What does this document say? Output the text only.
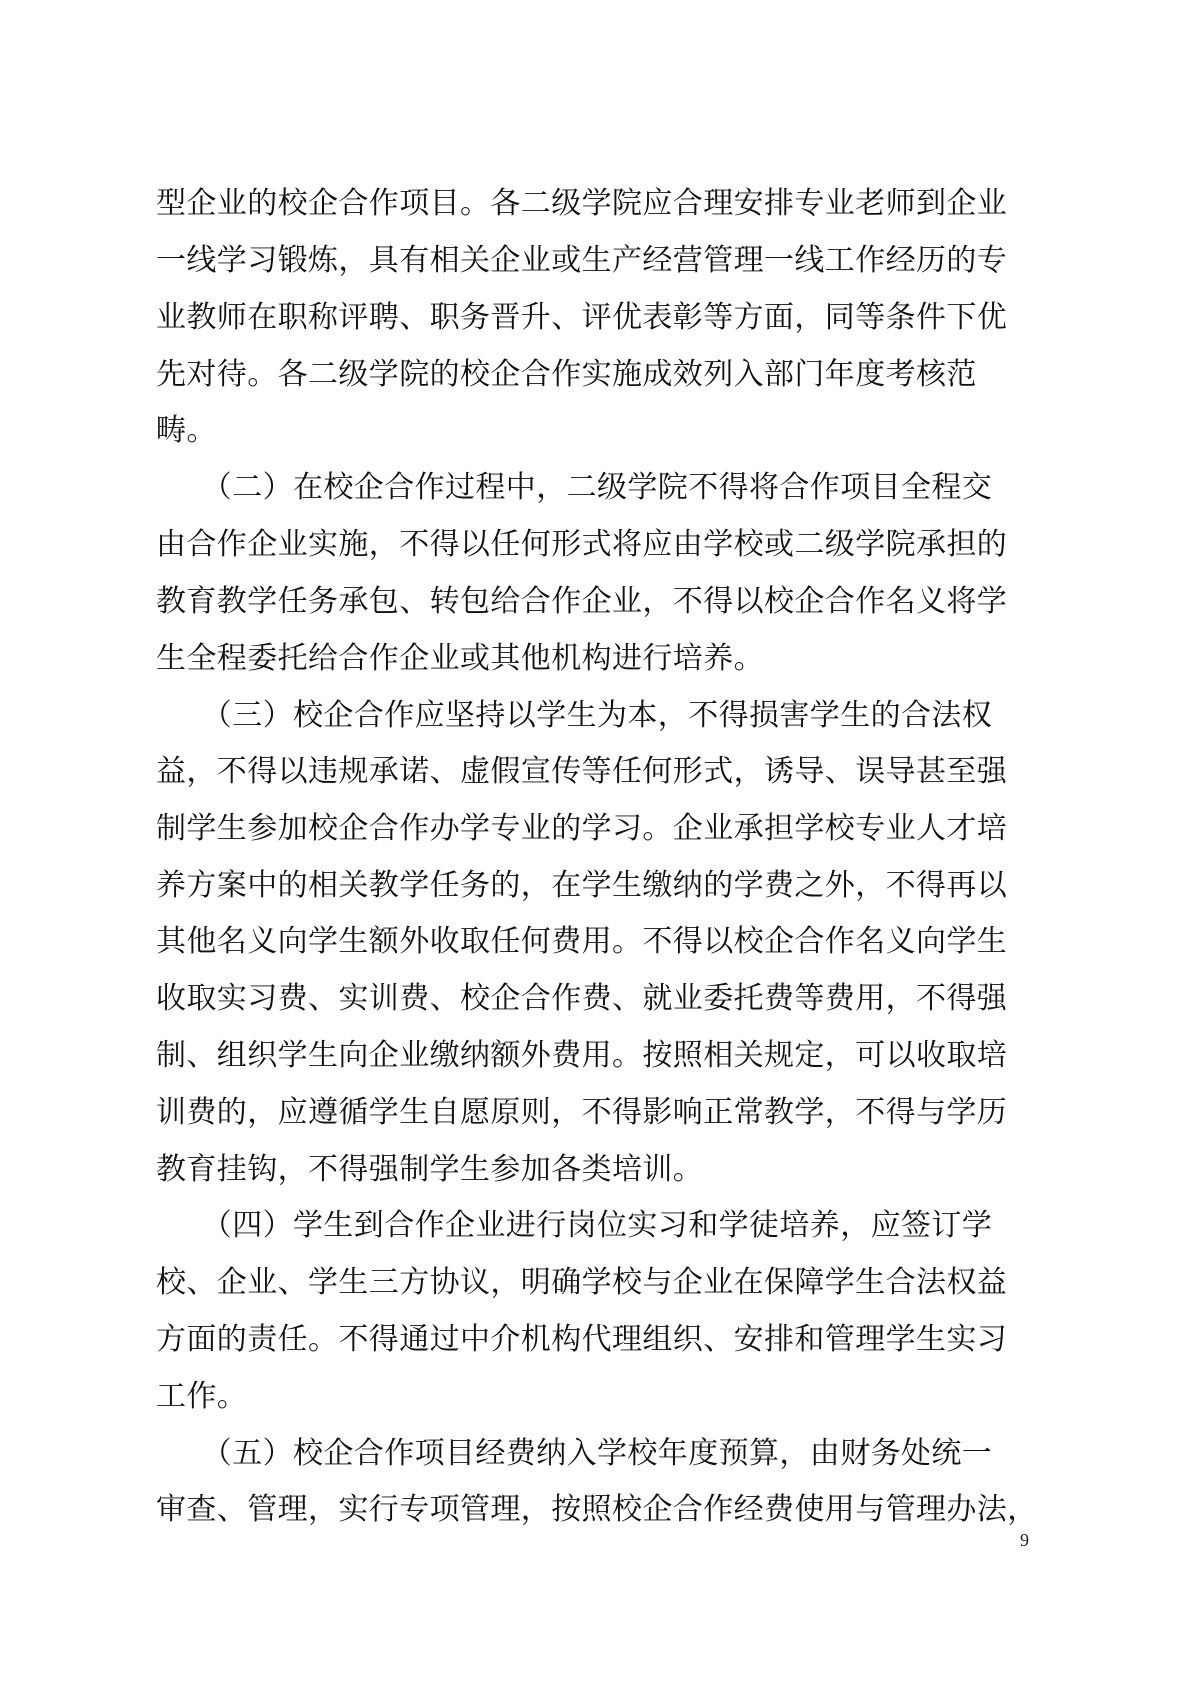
型企业的校企合作项目。各二级学院应合理安排专业老师到企业
一线学习锻炼，具有相关企业或生产经营管理一线工作经历的专
业教师在职称评聘、职务晋升、评优表彰等方面，同等条件下优
先对待。各二级学院的校企合作实施成效列入部门年度考核范
畴。
　　（二）在校企合作过程中，二级学院不得将合作项目全程交
由合作企业实施，不得以任何形式将应由学校或二级学院承担的
教育教学任务承包、转包给合作企业，不得以校企合作名义将学
生全程委托给合作企业或其他机构进行培养。
　　（三）校企合作应坚持以学生为本，不得损害学生的合法权
益，不得以违规承诺、虚假宣传等任何形式，诱导、误导甚至强
制学生参加校企合作办学专业的学习。企业承担学校专业人才培
养方案中的相关教学任务的，在学生缴纳的学费之外，不得再以
其他名义向学生额外收取任何费用。不得以校企合作名义向学生
收取实习费、实训费、校企合作费、就业委托费等费用，不得强
制、组织学生向企业缴纳额外费用。按照相关规定，可以收取培
训费的，应遵循学生自愿原则，不得影响正常教学，不得与学历
教育挂钩，不得强制学生参加各类培训。
　　（四）学生到合作企业进行岗位实习和学徒培养，应签订学
校、企业、学生三方协议，明确学校与企业在保障学生合法权益
方面的责任。不得通过中介机构代理组织、安排和管理学生实习
工作。
　　（五）校企合作项目经费纳入学校年度预算，由财务处统一
审查、管理，实行专项管理，按照校企合作经费使用与管理办法，
9
